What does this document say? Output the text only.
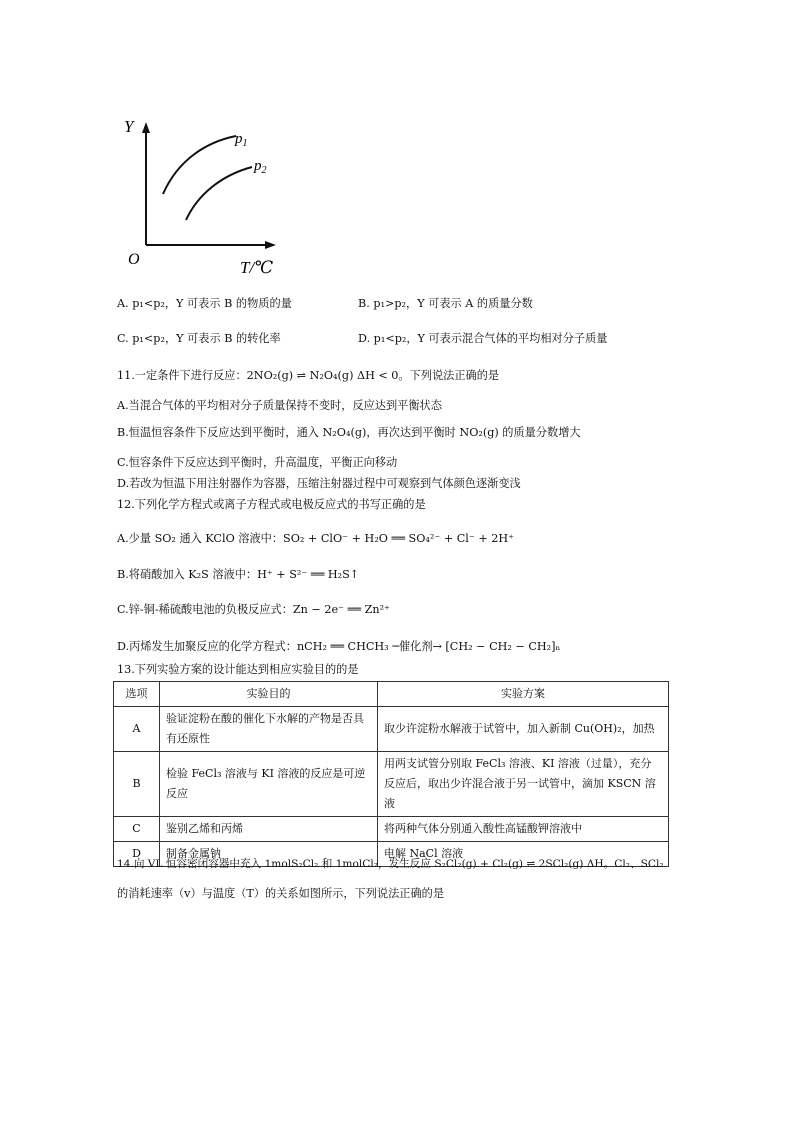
Y
O	T/℃
$p_1$
$p_2$
A. p₁<p₂，Y 可表示 B 的物质的量	B. p₁>p₂，Y 可表示 A 的质量分数
C. p₁<p₂，Y 可表示 B 的转化率	D. p₁<p₂，Y 可表示混合气体的平均相对分子质量
11.一定条件下进行反应：2NO₂(g) ⇌ N₂O₄(g) ΔH < 0。下列说法正确的是
A.当混合气体的平均相对分子质量保持不变时，反应达到平衡状态
B.恒温恒容条件下反应达到平衡时，通入 N₂O₄(g)，再次达到平衡时 NO₂(g) 的质量分数增大
C.恒容条件下反应达到平衡时，升高温度，平衡正向移动
D.若改为恒温下用注射器作为容器，压缩注射器过程中可观察到气体颜色逐渐变浅
12.下列化学方程式或离子方程式或电极反应式的书写正确的是
A.少量 SO₂ 通入 KClO 溶液中：SO₂ + ClO⁻ + H₂O ══ SO₄²⁻ + Cl⁻ + 2H⁺
B.将硝酸加入 K₂S 溶液中：H⁺ + S²⁻ ══ H₂S↑
C.锌-铜-稀硫酸电池的负极反应式：Zn − 2e⁻ ══ Zn²⁺
D.丙烯发生加聚反应的化学方程式：nCH₂ ══ CHCH₃ ─催化剂→ [CH₂ − CH₂ − CH₂]ₙ
13.下列实验方案的设计能达到相应实验目的的是
选项	实验目的	实验方案
A	验证淀粉在酸的催化下水解的产物是否具有还原性	取少许淀粉水解液于试管中，加入新制 Cu(OH)₂，加热
B	检验 FeCl₃ 溶液与 KI 溶液的反应是可逆反应	用两支试管分别取 FeCl₃ 溶液、KI 溶液（过量），充分反应后，取出少许混合液于另一试管中，滴加 KSCN 溶液
C	鉴别乙烯和丙烯	将两种气体分别通入酸性高锰酸钾溶液中
D	制备金属钠	电解 NaCl 溶液
14.向 VL 恒容密闭容器中充入 1molS₂Cl₂ 和 1molCl₂，发生反应 S₂Cl₂(g) + Cl₂(g) ⇌ 2SCl₂(g) ΔH。Cl₂、SCl₂
的消耗速率（v）与温度（T）的关系如图所示，下列说法正确的是
